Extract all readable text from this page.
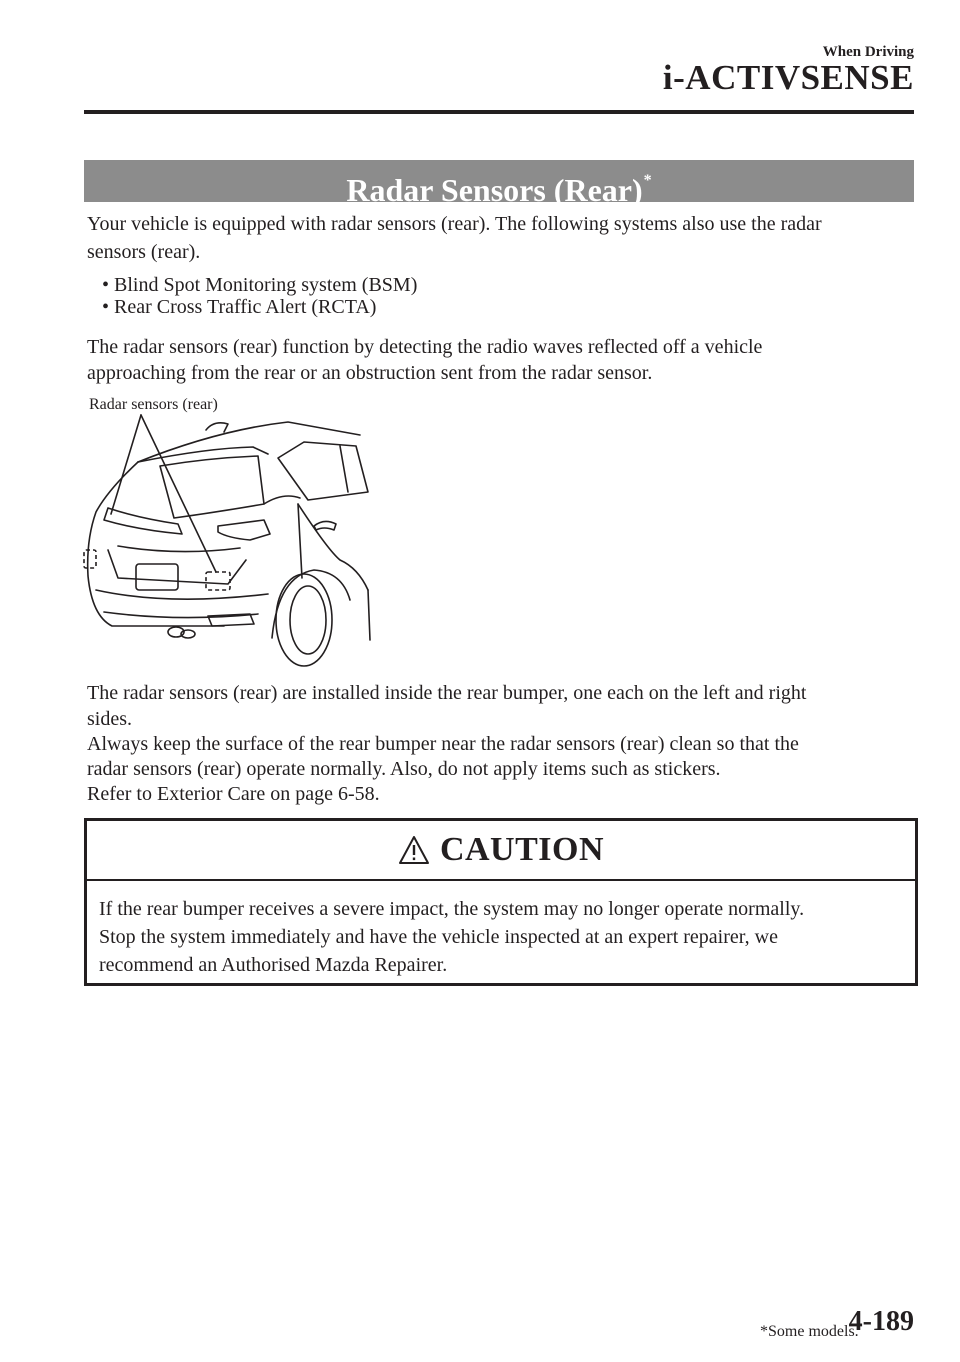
When Driving
i-ACTIVSENSE
Radar Sensors (Rear)*
Your vehicle is equipped with radar sensors (rear). The following systems also use the radar
sensors (rear).
• Blind Spot Monitoring system (BSM)
• Rear Cross Traffic Alert (RCTA)
The radar sensors (rear) function by detecting the radio waves reflected off a vehicle
approaching from the rear or an obstruction sent from the radar sensor.
Radar sensors (rear)
The radar sensors (rear) are installed inside the rear bumper, one each on the left and right
sides.
Always keep the surface of the rear bumper near the radar sensors (rear) clean so that the
radar sensors (rear) operate normally. Also, do not apply items such as stickers.
Refer to Exterior Care on page 6-58.
CAUTION
If the rear bumper receives a severe impact, the system may no longer operate normally.
Stop the system immediately and have the vehicle inspected at an expert repairer, we
recommend an Authorised Mazda Repairer.
*Some models.
4-189
